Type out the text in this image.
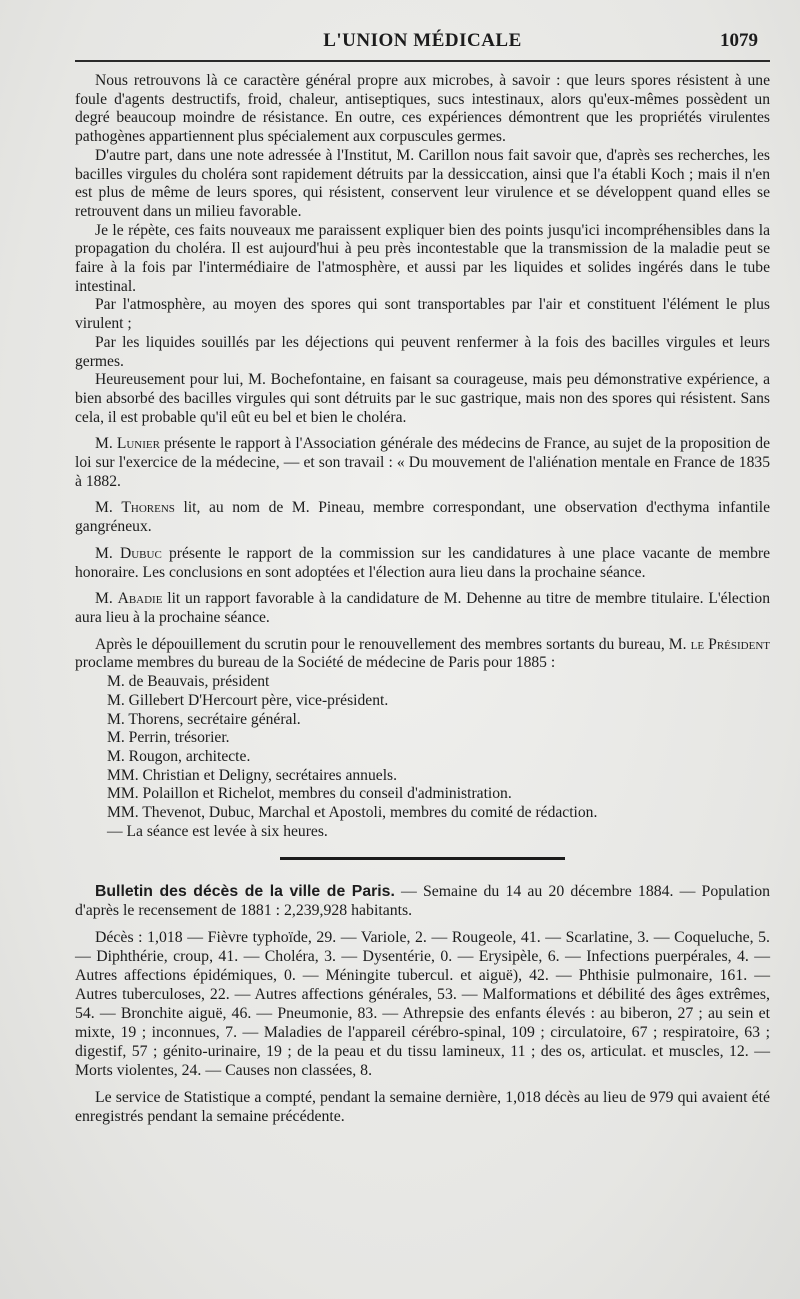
L'UNION MÉDICALE	1079

Nous retrouvons là ce caractère général propre aux microbes, à savoir : que leurs spores résistent à une foule d'agents destructifs, froid, chaleur, antiseptiques, sucs intestinaux, alors qu'eux-mêmes possèdent un degré beaucoup moindre de résistance. En outre, ces expériences démontrent que les propriétés virulentes pathogènes appartiennent plus spécialement aux corpuscules germes.

D'autre part, dans une note adressée à l'Institut, M. Carillon nous fait savoir que, d'après ses recherches, les bacilles virgules du choléra sont rapidement détruits par la dessiccation, ainsi que l'a établi Koch ; mais il n'en est plus de même de leurs spores, qui résistent, conservent leur virulence et se développent quand elles se retrouvent dans un milieu favorable.

Je le répète, ces faits nouveaux me paraissent expliquer bien des points jusqu'ici incompréhensibles dans la propagation du choléra. Il est aujourd'hui à peu près incontestable que la transmission de la maladie peut se faire à la fois par l'intermédiaire de l'atmosphère, et aussi par les liquides et solides ingérés dans le tube intestinal.

Par l'atmosphère, au moyen des spores qui sont transportables par l'air et constituent l'élément le plus virulent ;

Par les liquides souillés par les déjections qui peuvent renfermer à la fois des bacilles virgules et leurs germes.

Heureusement pour lui, M. Bochefontaine, en faisant sa courageuse, mais peu démonstrative expérience, a bien absorbé des bacilles virgules qui sont détruits par le suc gastrique, mais non des spores qui résistent. Sans cela, il est probable qu'il eût eu bel et bien le choléra.

M. Lunier présente le rapport à l'Association générale des médecins de France, au sujet de la proposition de loi sur l'exercice de la médecine, — et son travail : « Du mouvement de l'aliénation mentale en France de 1835 à 1882.

M. Thorens lit, au nom de M. Pineau, membre correspondant, une observation d'ecthyma infantile gangréneux.

M. Dubuc présente le rapport de la commission sur les candidatures à une place vacante de membre honoraire. Les conclusions en sont adoptées et l'élection aura lieu dans la prochaine séance.

M. Abadie lit un rapport favorable à la candidature de M. Dehenne au titre de membre titulaire. L'élection aura lieu à la prochaine séance.

Après le dépouillement du scrutin pour le renouvellement des membres sortants du bureau, M. le Président proclame membres du bureau de la Société de médecine de Paris pour 1885 :

M. de Beauvais, président
M. Gillebert D'Hercourt père, vice-président.
M. Thorens, secrétaire général.
M. Perrin, trésorier.
M. Rougon, architecte.
MM. Christian et Deligny, secrétaires annuels.
MM. Polaillon et Richelot, membres du conseil d'administration.
MM. Thevenot, Dubuc, Marchal et Apostoli, membres du comité de rédaction.
— La séance est levée à six heures.

Bulletin des décès de la ville de Paris. — Semaine du 14 au 20 décembre 1884. — Population d'après le recensement de 1881 : 2,239,928 habitants.

Décès : 1,018 — Fièvre typhoïde, 29. — Variole, 2. — Rougeole, 41. — Scarlatine, 3. — Coqueluche, 5. — Diphthérie, croup, 41. — Choléra, 3. — Dysentérie, 0. — Erysipèle, 6. — Infections puerpérales, 4. — Autres affections épidémiques, 0. — Méningite tubercul. et aiguë), 42. — Phthisie pulmonaire, 161. — Autres tuberculoses, 22. — Autres affections générales, 53. — Malformations et débilité des âges extrêmes, 54. — Bronchite aiguë, 46. — Pneumonie, 83. — Athrepsie des enfants élevés : au biberon, 27 ; au sein et mixte, 19 ; inconnues, 7. — Maladies de l'appareil cérébro-spinal, 109 ; circulatoire, 67 ; respiratoire, 63 ; digestif, 57 ; génito-urinaire, 19 ; de la peau et du tissu lamineux, 11 ; des os, articulat. et muscles, 12. — Morts violentes, 24. — Causes non classées, 8.

Le service de Statistique a compté, pendant la semaine dernière, 1,018 décès au lieu de 979 qui avaient été enregistrés pendant la semaine précédente.
